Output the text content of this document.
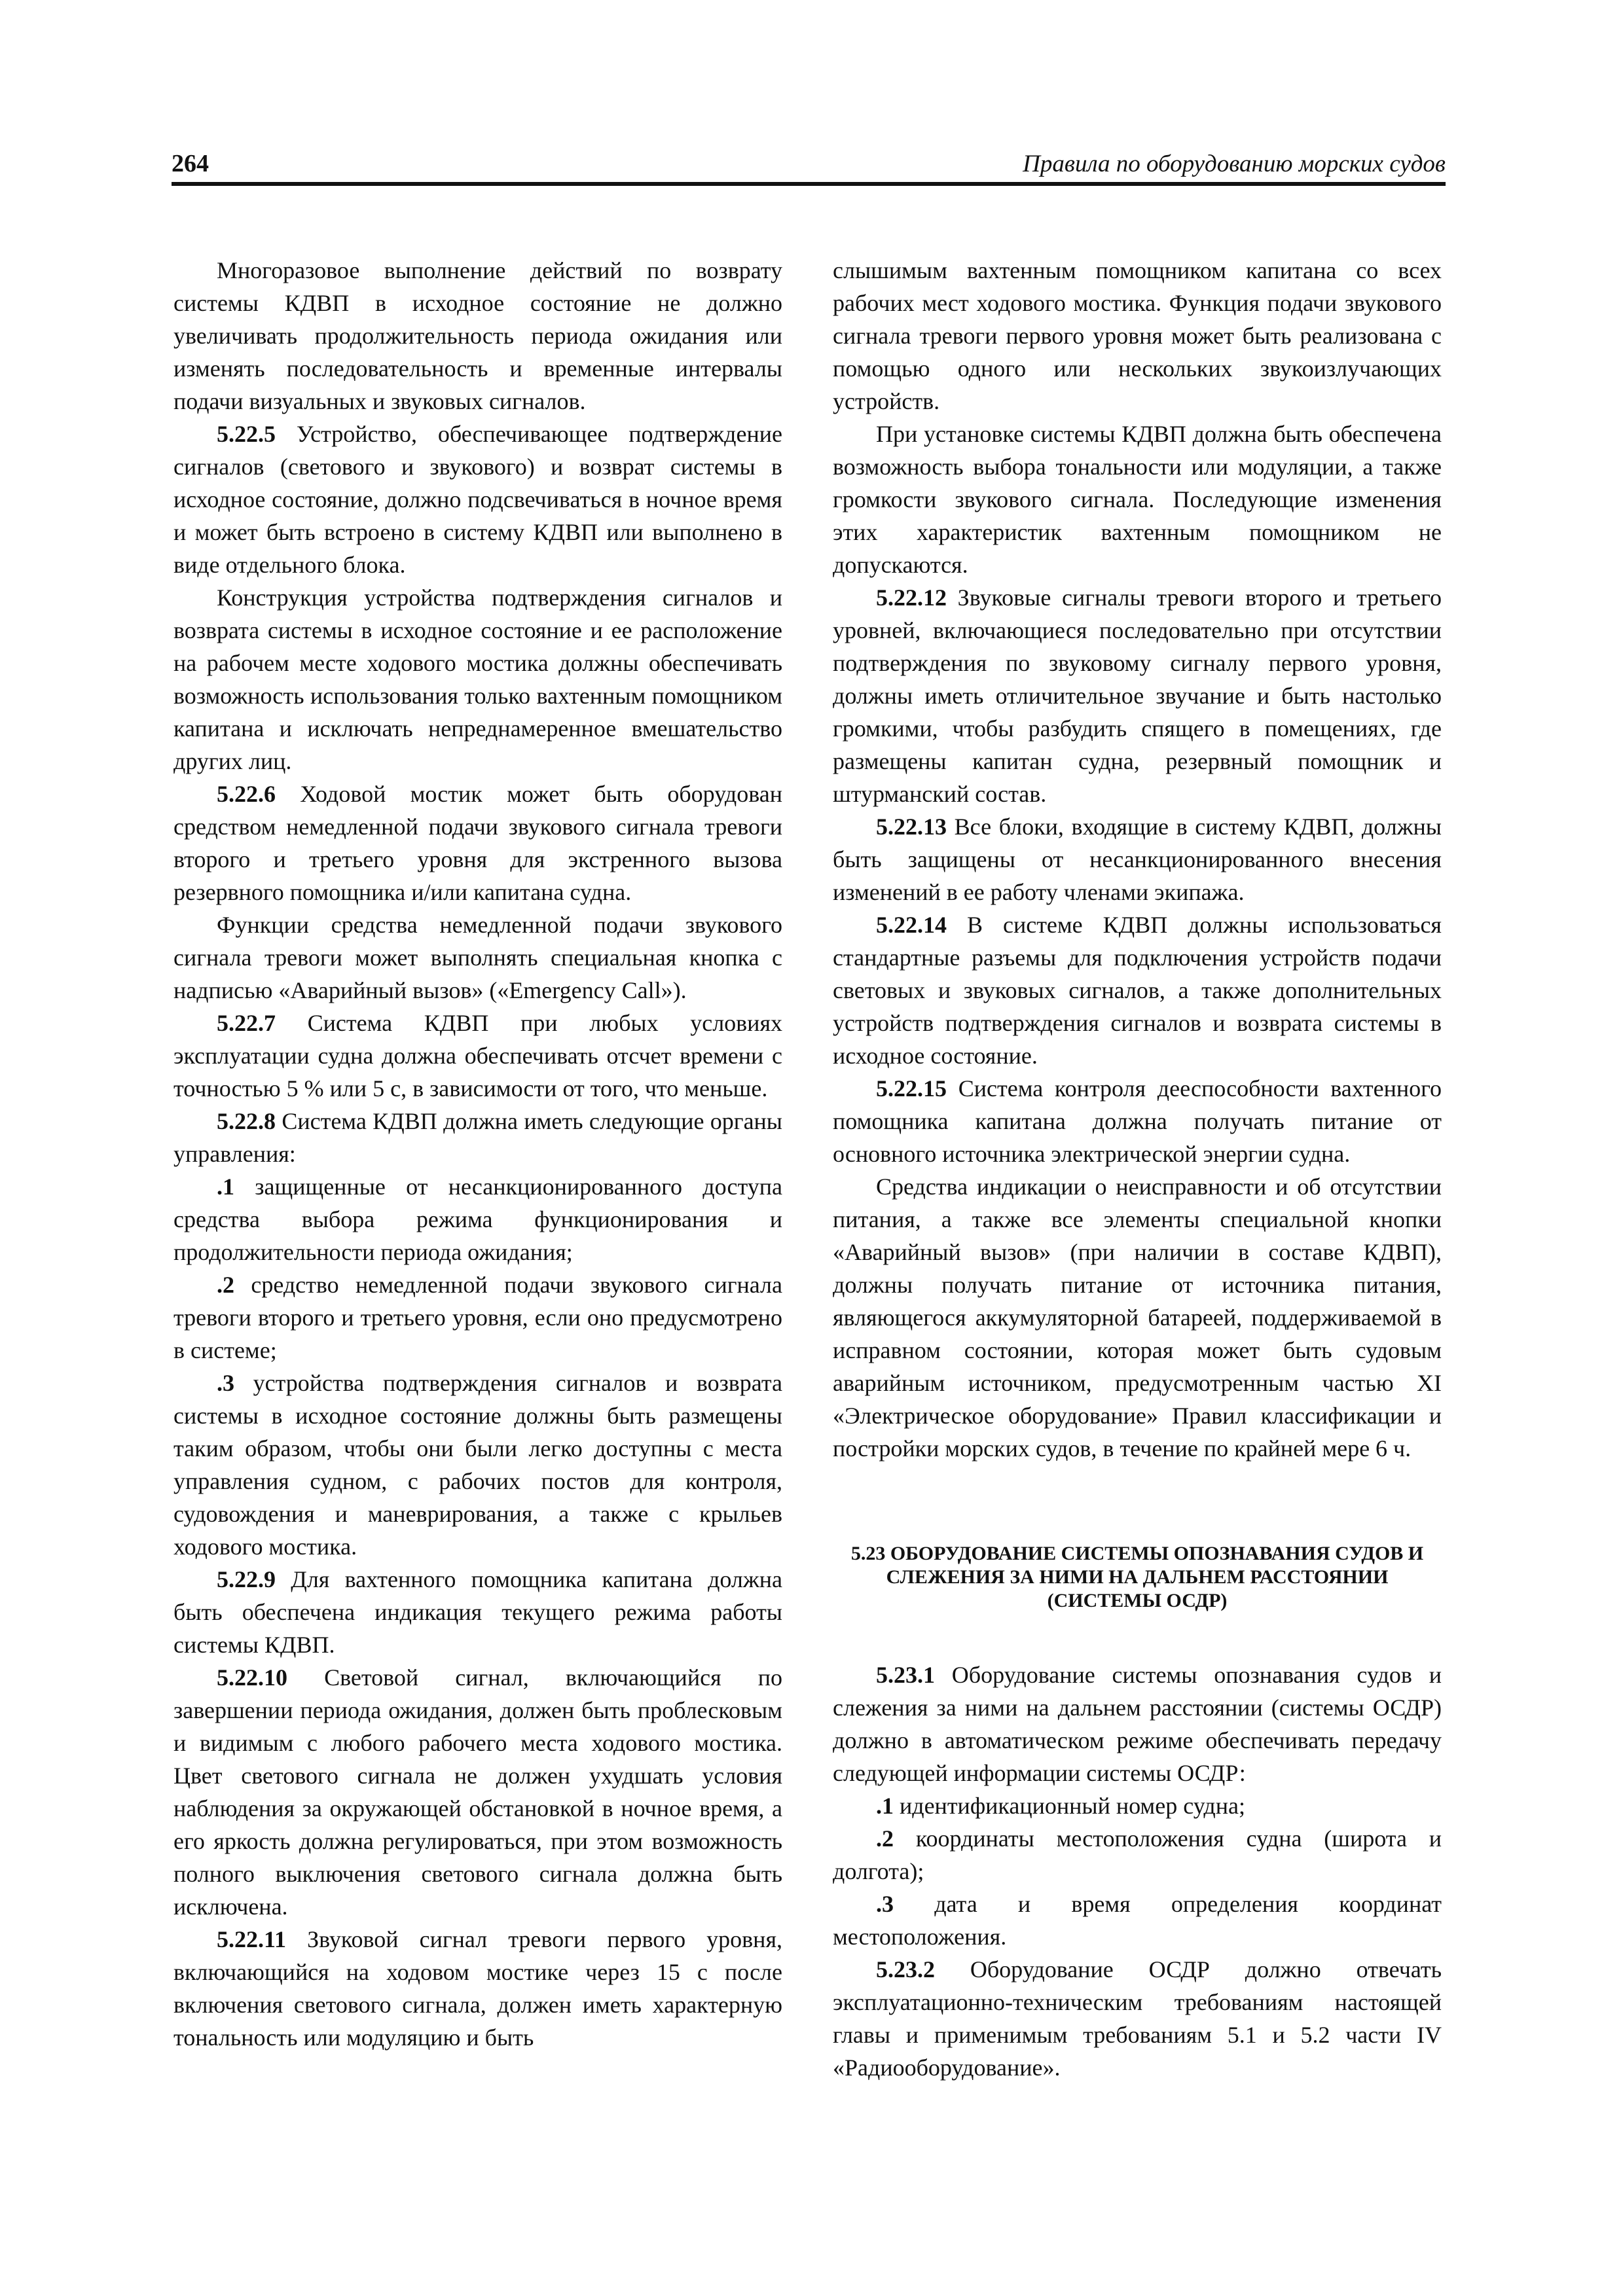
264	Правила по оборудованию морских судов

Многоразовое выполнение действий по возврату системы КДВП в исходное состояние не должно увеличивать продолжительность периода ожидания или изменять последовательность и временные интервалы подачи визуальных и звуковых сигналов.

5.22.5 Устройство, обеспечивающее подтверждение сигналов (светового и звукового) и возврат системы в исходное состояние, должно подсвечиваться в ночное время и может быть встроено в систему КДВП или выполнено в виде отдельного блока.

Конструкция устройства подтверждения сигналов и возврата системы в исходное состояние и ее расположение на рабочем месте ходового мостика должны обеспечивать возможность использования только вахтенным помощником капитана и исключать непреднамеренное вмешательство других лиц.

5.22.6 Ходовой мостик может быть оборудован средством немедленной подачи звукового сигнала тревоги второго и третьего уровня для экстренного вызова резервного помощника и/или капитана судна.

Функции средства немедленной подачи звукового сигнала тревоги может выполнять специальная кнопка с надписью «Аварийный вызов» («Emergency Call»).

5.22.7 Система КДВП при любых условиях эксплуатации судна должна обеспечивать отсчет времени с точностью 5 % или 5 с, в зависимости от того, что меньше.

5.22.8 Система КДВП должна иметь следующие органы управления:

.1 защищенные от несанкционированного доступа средства выбора режима функционирования и продолжительности периода ожидания;

.2 средство немедленной подачи звукового сигнала тревоги второго и третьего уровня, если оно предусмотрено в системе;

.3 устройства подтверждения сигналов и возврата системы в исходное состояние должны быть размещены таким образом, чтобы они были легко доступны с места управления судном, с рабочих постов для контроля, судовождения и маневрирования, а также с крыльев ходового мостика.

5.22.9 Для вахтенного помощника капитана должна быть обеспечена индикация текущего режима работы системы КДВП.

5.22.10 Световой сигнал, включающийся по завершении периода ожидания, должен быть проблесковым и видимым с любого рабочего места ходового мостика. Цвет светового сигнала не должен ухудшать условия наблюдения за окружающей обстановкой в ночное время, а его яркость должна регулироваться, при этом возможность полного выключения светового сигнала должна быть исключена.

5.22.11 Звуковой сигнал тревоги первого уровня, включающийся на ходовом мостике через 15 с после включения светового сигнала, должен иметь характерную тональность или модуляцию и быть

слышимым вахтенным помощником капитана со всех рабочих мест ходового мостика. Функция подачи звукового сигнала тревоги первого уровня может быть реализована с помощью одного или нескольких звукоизлучающих устройств.

При установке системы КДВП должна быть обеспечена возможность выбора тональности или модуляции, а также громкости звукового сигнала. Последующие изменения этих характеристик вахтенным помощником не допускаются.

5.22.12 Звуковые сигналы тревоги второго и третьего уровней, включающиеся последовательно при отсутствии подтверждения по звуковому сигналу первого уровня, должны иметь отличительное звучание и быть настолько громкими, чтобы разбудить спящего в помещениях, где размещены капитан судна, резервный помощник и штурманский состав.

5.22.13 Все блоки, входящие в систему КДВП, должны быть защищены от несанкционированного внесения изменений в ее работу членами экипажа.

5.22.14 В системе КДВП должны использоваться стандартные разъемы для подключения устройств подачи световых и звуковых сигналов, а также дополнительных устройств подтверждения сигналов и возврата системы в исходное состояние.

5.22.15 Система контроля дееспособности вахтенного помощника капитана должна получать питание от основного источника электрической энергии судна.

Средства индикации о неисправности и об отсутствии питания, а также все элементы специальной кнопки «Аварийный вызов» (при наличии в составе КДВП), должны получать питание от источника питания, являющегося аккумуляторной батареей, поддерживаемой в исправном состоянии, которая может быть судовым аварийным источником, предусмотренным частью XI «Электрическое оборудование» Правил классификации и постройки морских судов, в течение по крайней мере 6 ч.

5.23 ОБОРУДОВАНИЕ СИСТЕМЫ ОПОЗНАВАНИЯ СУДОВ И СЛЕЖЕНИЯ ЗА НИМИ НА ДАЛЬНЕМ РАССТОЯНИИ (СИСТЕМЫ ОСДР)

5.23.1 Оборудование системы опознавания судов и слежения за ними на дальнем расстоянии (системы ОСДР) должно в автоматическом режиме обеспечивать передачу следующей информации системы ОСДР:

.1 идентификационный номер судна;

.2 координаты местоположения судна (широта и долгота);

.3 дата и время определения координат местоположения.

5.23.2 Оборудование ОСДР должно отвечать эксплуатационно-техническим требованиям настоящей главы и применимым требованиям 5.1 и 5.2 части IV «Радиооборудование».
